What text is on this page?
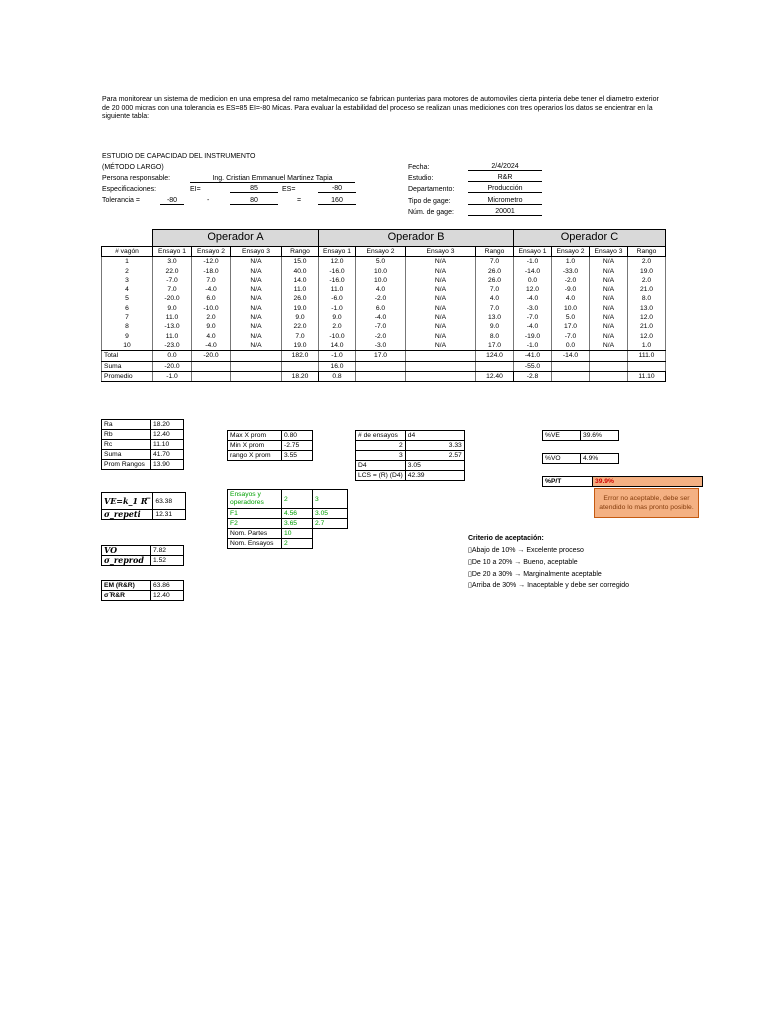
Para monitorear un sistema de medicion en una empresa del ramo metalmecanico se fabrican punterias para motores de automoviles cierta pinteria debe tener el diametro exterior de 20 000 micras con una tolerancia es ES=85 EI=-80 Micas. Para evaluar la estabilidad del proceso se realizan unas mediciones con tres operarios los datos se encientrar en la siguiente tabla:
ESTUDIO DE CAPACIDAD DEL INSTRUMENTO
(MÉTODO LARGO)
Persona responsable:	Ing. Cristian Emmanuel Martinez Tapia
Especificaciones:	EI=	85	ES=	-80
Tolerancia =	-80	-	80	=	160
Fecha:	2/4/2024
Estudio:	R&R
Departamento:	Producción
Tipo de gage:	Micrometro
Núm. de gage:	20001
	Operador A				Operador B				Operador C			
# vagón	Ensayo 1	Ensayo 2	Ensayo 3	Rango	Ensayo 1	Ensayo 2	Ensayo 3	Rango	Ensayo 1	Ensayo 2	Ensayo 3	Rango
1	3.0	-12.0	N/A	15.0	12.0	5.0	N/A	7.0	-1.0	1.0	N/A	2.0
2	22.0	-18.0	N/A	40.0	-16.0	10.0	N/A	26.0	-14.0	-33.0	N/A	19.0
3	-7.0	7.0	N/A	14.0	-16.0	10.0	N/A	26.0	0.0	-2.0	N/A	2.0
4	7.0	-4.0	N/A	11.0	11.0	4.0	N/A	7.0	12.0	-9.0	N/A	21.0
5	-20.0	6.0	N/A	26.0	-6.0	-2.0	N/A	4.0	-4.0	4.0	N/A	8.0
6	9.0	-10.0	N/A	19.0	-1.0	6.0	N/A	7.0	-3.0	10.0	N/A	13.0
7	11.0	2.0	N/A	9.0	9.0	-4.0	N/A	13.0	-7.0	5.0	N/A	12.0
8	-13.0	9.0	N/A	22.0	2.0	-7.0	N/A	9.0	-4.0	17.0	N/A	21.0
9	11.0	4.0	N/A	7.0	-10.0	-2.0	N/A	8.0	-19.0	-7.0	N/A	12.0
10	-23.0	-4.0	N/A	19.0	14.0	-3.0	N/A	17.0	-1.0	0.0	N/A	1.0
Total	0.0	-20.0		182.0	-1.0	17.0		124.0	-41.0	-14.0		111.0
Suma	-20.0				16.0				-55.0			
Promedio	-1.0			18.20	0.8			12.40	-2.8			11.10
Ra	18.20
Rb	12.40
Rc	11.10
Suma	41.70
Prom Rangos	13.90
Max X prom	0.80
Min X prom	-2.75
rango X prom	3.55
# de ensayos	d4
2	3.33
3	2.57
D4	3.05
LCS = (R) (D4)	42.39
%VE	39.6%
%VO	4.9%
%P/T	39.9%
Error no aceptable, debe ser atendido lo mas pronto posible.
VE=k_1 R ̅	63.38
σ_repeti	12.31
Ensayos y operadores	2	3
F1	4.56	3.05
F2	3.65	2.7
Nom. Partes	10	
Nom. Ensayos	2	
VO	7.82
σ_reprod	1.52
EM (R&R)	63.86
σ ̂R&R	12.40
Criterio de aceptación:
▯Abajo de 10% → Excelente proceso
▯De 10 a 20% → Bueno, aceptable
▯De 20 a 30% → Marginalmente aceptable
▯Arriba de 30% → Inaceptable y debe ser corregido
